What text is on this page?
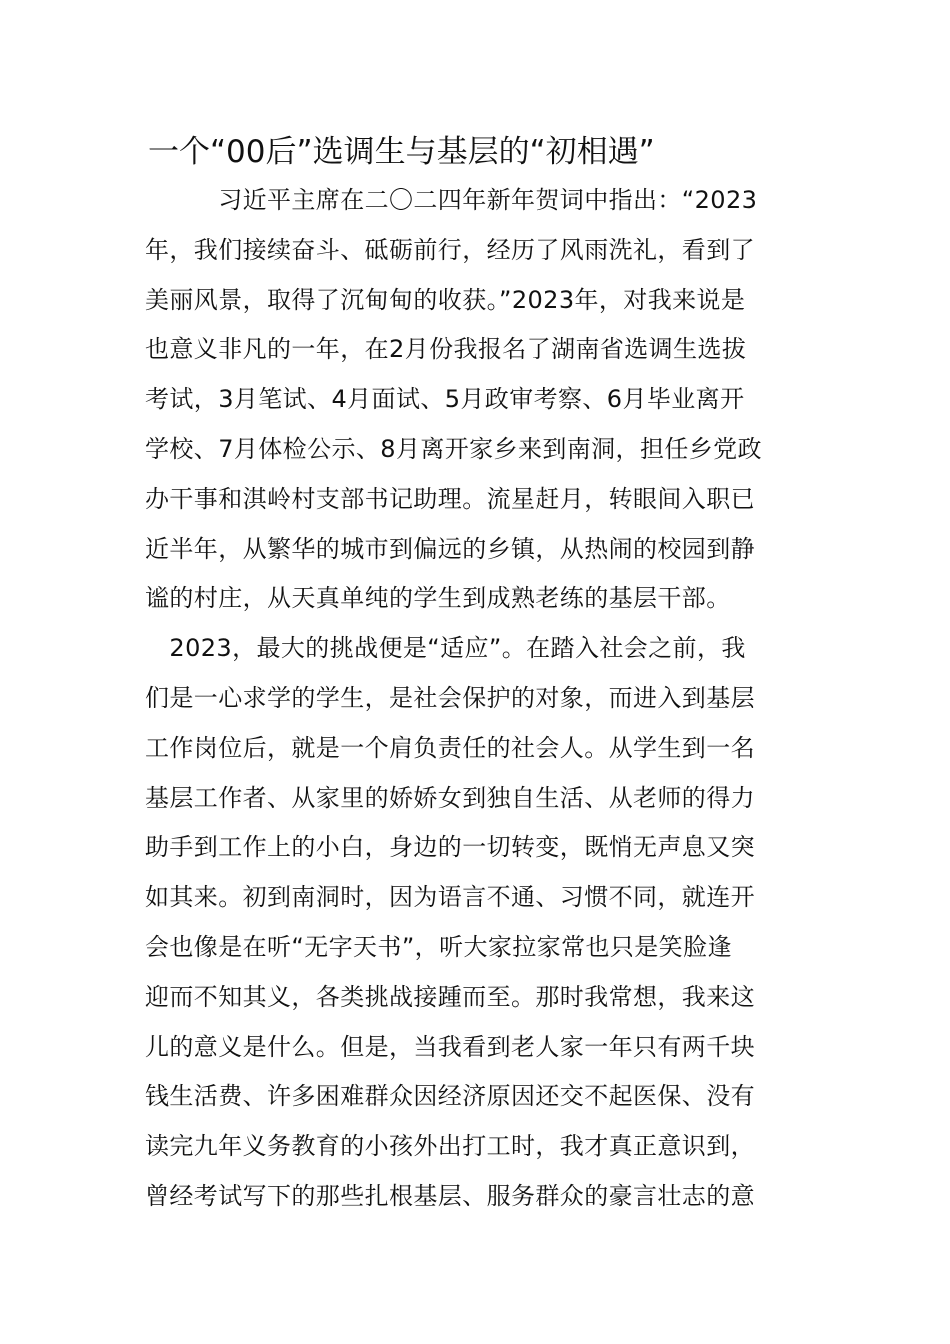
一个“00后”选调生与基层的“初相遇”
　　　习近平主席在二〇二四年新年贺词中指出：“2023
年，我们接续奋斗、砥砺前行，经历了风雨洗礼，看到了
美丽风景，取得了沉甸甸的收获。”2023年，对我来说是
也意义非凡的一年，在2月份我报名了湖南省选调生选拔
考试，3月笔试、4月面试、5月政审考察、6月毕业离开
学校、7月体检公示、8月离开家乡来到南洞，担任乡党政
办干事和淇岭村支部书记助理。流星赶月，转眼间入职已
近半年，从繁华的城市到偏远的乡镇，从热闹的校园到静
谧的村庄，从天真单纯的学生到成熟老练的基层干部。
　2023，最大的挑战便是“适应”。在踏入社会之前，我
们是一心求学的学生，是社会保护的对象，而进入到基层
工作岗位后，就是一个肩负责任的社会人。从学生到一名
基层工作者、从家里的娇娇女到独自生活、从老师的得力
助手到工作上的小白，身边的一切转变，既悄无声息又突
如其来。初到南洞时，因为语言不通、习惯不同，就连开
会也像是在听“无字天书”，听大家拉家常也只是笑脸逢
迎而不知其义，各类挑战接踵而至。那时我常想，我来这
儿的意义是什么。但是，当我看到老人家一年只有两千块
钱生活费、许多困难群众因经济原因还交不起医保、没有
读完九年义务教育的小孩外出打工时，我才真正意识到，
曾经考试写下的那些扎根基层、服务群众的豪言壮志的意
